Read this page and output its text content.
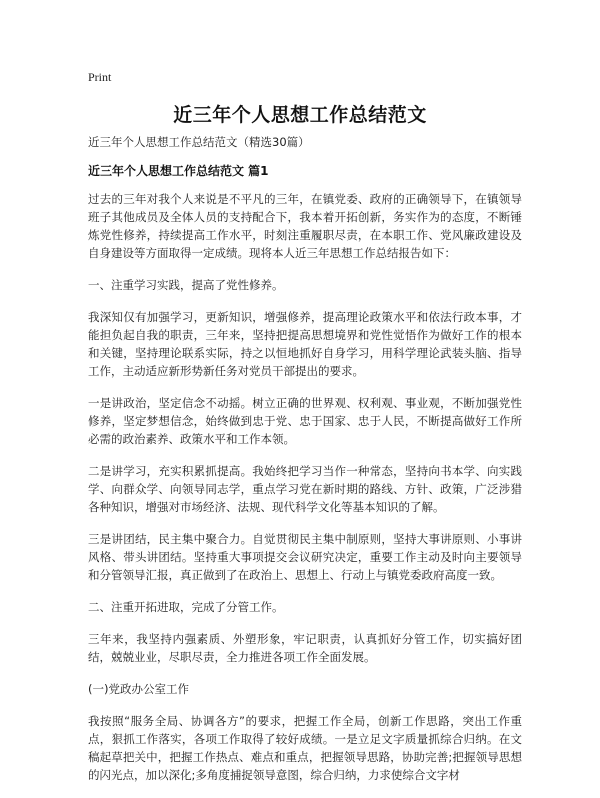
Print
近三年个人思想工作总结范文
近三年个人思想工作总结范文（精选30篇）
近三年个人思想工作总结范文 篇1

过去的三年对我个人来说是不平凡的三年，在镇党委、政府的正确领导下，在镇领导班子其他成员及全体人员的支持配合下，我本着开拓创新，务实作为的态度，不断锤炼党性修养，持续提高工作水平，时刻注重履职尽责，在本职工作、党风廉政建设及自身建设等方面取得一定成绩。现将本人近三年思想工作总结报告如下：

一、注重学习实践，提高了党性修养。

我深知仅有加强学习，更新知识，增强修养，提高理论政策水平和依法行政本事，才能担负起自我的职责，三年来，坚持把提高思想境界和党性觉悟作为做好工作的根本和关键，坚持理论联系实际，持之以恒地抓好自身学习，用科学理论武装头脑、指导工作，主动适应新形势新任务对党员干部提出的要求。

一是讲政治，坚定信念不动摇。树立正确的世界观、权利观、事业观，不断加强党性修养，坚定梦想信念，始终做到忠于党、忠于国家、忠于人民，不断提高做好工作所必需的政治素养、政策水平和工作本领。

二是讲学习，充实积累抓提高。我始终把学习当作一种常态，坚持向书本学、向实践学、向群众学、向领导同志学，重点学习党在新时期的路线、方针、政策，广泛涉猎各种知识，增强对市场经济、法规、现代科学文化等基本知识的了解。

三是讲团结，民主集中聚合力。自觉贯彻民主集中制原则，坚持大事讲原则、小事讲风格、带头讲团结。坚持重大事项提交会议研究决定，重要工作主动及时向主要领导和分管领导汇报，真正做到了在政治上、思想上、行动上与镇党委政府高度一致。

二、注重开拓进取，完成了分管工作。

三年来，我坚持内强素质、外塑形象，牢记职责，认真抓好分管工作，切实搞好团结，兢兢业业，尽职尽责，全力推进各项工作全面发展。

(一)党政办公室工作

我按照“服务全局、协调各方”的要求，把握工作全局，创新工作思路，突出工作重点，狠抓工作落实，各项工作取得了较好成绩。一是立足文字质量抓综合归纳。在文稿起草把关中，把握工作热点、难点和重点，把握领导思路，协助完善;把握领导思想的闪光点，加以深化;多角度捕捉领导意图，综合归纳，力求使综合文字材
